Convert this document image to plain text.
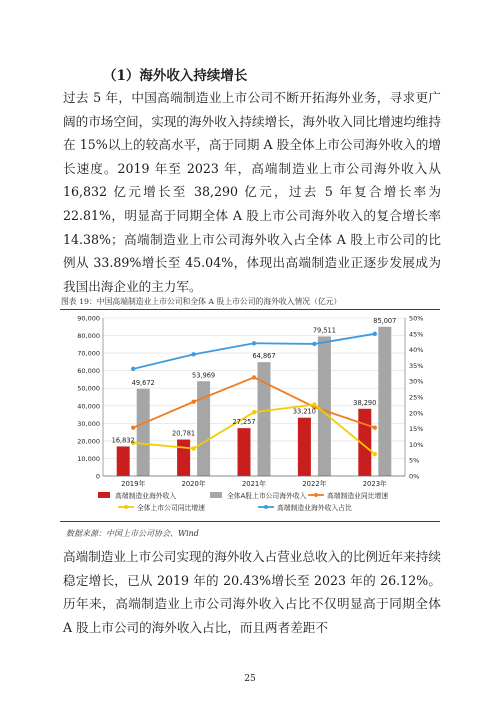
（1）海外收入持续增长
过去 5 年，中国高端制造业上市公司不断开拓海外业务，寻求更广阔的市场空间，实现的海外收入持续增长，海外收入同比增速均维持在 15%以上的较高水平，高于同期 A 股全体上市公司海外收入的增长速度。2019 年至 2023 年，高端制造业上市公司海外收入从 16,832 亿元增长至 38,290 亿元，过去 5 年复合增长率为 22.81%，明显高于同期全体 A 股上市公司海外收入的复合增长率 14.38%；高端制造业上市公司海外收入占全体 A 股上市公司的比例从 33.89%增长至 45.04%，体现出高端制造业正逐步发展成为我国出海企业的主力军。
图表 19：中国高端制造业上市公司和全体 A 股上市公司的海外收入情况（亿元）
16,832
20,781
27,257
33,210
38,290
49,672
53,969
64,867
79,511
85,007
0
10,000
20,000
30,000
40,000
50,000
60,000
70,000
80,000
90,000
0%
5%
10%
15%
20%
25%
30%
35%
40%
45%
50%
2019年	2020年	2021年	2022年	2023年
高端制造业海外收入	全体A股上市公司海外收入	高端制造业同比增速
全体上市公司同比增速	高端制造业海外收入占比
数据来源：中国上市公司协会、Wind
高端制造业上市公司实现的海外收入占营业总收入的比例近年来持续稳定增长，已从 2019 年的 20.43%增长至 2023 年的 26.12%。历年来，高端制造业上市公司海外收入占比不仅明显高于同期全体 A 股上市公司的海外收入占比，而且两者差距不
25
